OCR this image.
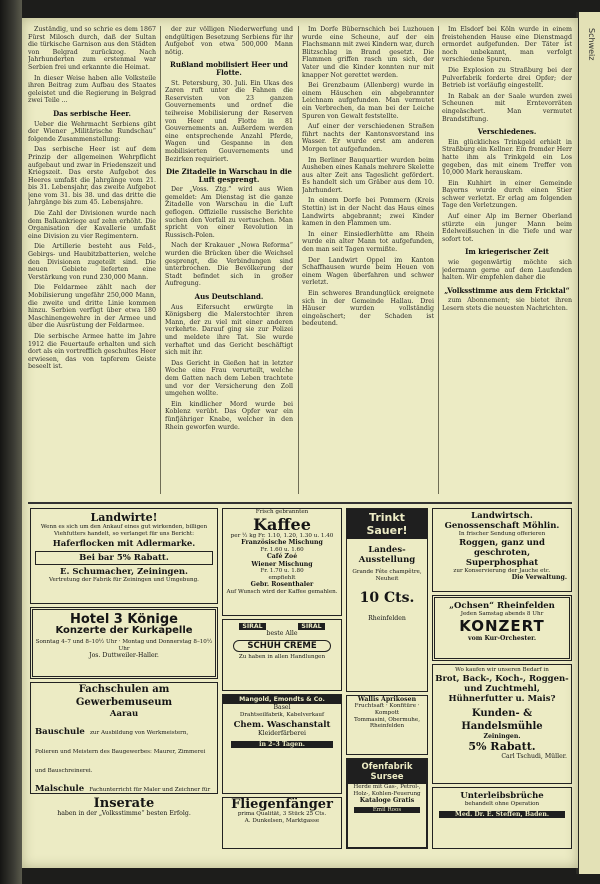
Schweiz

Zuständig, und so schrie es dem 1867 Fürst Milosch durch, daß der Sultan die türkische Garnison aus den Städten von Belgrad zurückzog. Nach Jahrhunderten zum erstenmal war Serbien frei und erkannte die Heimat.

In dieser Weise haben alle Volksteile ihren Beitrag zum Aufbau des Staates geleistet und die Regierung in Belgrad zwei Teile ...

Das serbische Heer.

Ueber die Wehrmacht Serbiens gibt der Wiener „Militärische Rundschau“ folgende Zusammenstellung:

Das serbische Heer ist auf dem Prinzip der allgemeinen Wehrpflicht aufgebaut und zwar in Friedenszeit und Kriegszeit. Das erste Aufgebot des Heeres umfaßt die Jahrgänge vom 21. bis 31. Lebensjahr, das zweite Aufgebot jene vom 31. bis 38. und das dritte die Jahrgänge bis zum 45. Lebensjahre.

Die Zahl der Divisionen wurde nach dem Balkankriege auf zehn erhöht. Die Organisation der Kavallerie umfaßt eine Division zu vier Regimentern.

Die Artillerie besteht aus Feld-, Gebirgs- und Haubitzbatterien, welche den Divisionen zugeteilt sind. Die neuen Gebiete lieferten eine Verstärkung von rund 230,000 Mann.

Die Feldarmee zählt nach der Mobilisierung ungefähr 250,000 Mann, die zweite und dritte Linie kommen hinzu. Serbien verfügt über etwa 180 Maschinengewehre in der Armee und über die Ausrüstung der Feldarmee.

Die serbische Armee hatte im Jahre 1912 die Feuertaufe erhalten und sich dort als ein vortrefflich geschultes Heer erwiesen, das von tapferem Geiste beseelt ist.

der zur völligen Niederwerfung und endgültigen Besetzung Serbiens für ihr Aufgebot von etwa 500,000 Mann nötig.

Rußland mobilisiert Heer und Flotte.

St. Petersburg, 30. Juli. Ein Ukas des Zaren ruft unter die Fahnen die Reservisten von 23 ganzen Gouvernements und ordnet die teilweise Mobilisierung der Reserven von Heer und Flotte in 81 Gouvernements an. Außerdem werden eine entsprechende Anzahl Pferde, Wagen und Gespanne in den mobilisierten Gouvernements und Bezirken requiriert.

Die Zitadelle in Warschau in die Luft gesprengt.

Der „Voss. Ztg.“ wird aus Wien gemeldet: Am Dienstag ist die ganze Zitadelle von Warschau in die Luft geflogen. Offizielle russische Berichte suchen den Vorfall zu vertuschen. Man spricht von einer Revolution in Russisch-Polen.

Nach der Krakauer „Nowa Reforma“ wurden die Brücken über die Weichsel gesprengt, die Verbindungen sind unterbrochen. Die Bevölkerung der Stadt befindet sich in großer Aufregung.

Aus Deutschland.

Aus Eifersucht erwürgte in Königsberg die Malerstochter ihren Mann, der zu viel mit einer anderen verkehrte. Darauf ging sie zur Polizei und meldete ihre Tat. Sie wurde verhaftet und das Gericht beschäftigt sich mit ihr.

Das Gericht in Gießen hat in letzter Woche eine Frau verurteilt, welche dem Gatten nach dem Leben trachtete und vor der Versicherung den Zoll umgehen wollte.

Ein kindlicher Mord wurde bei Koblenz verübt. Das Opfer war ein fünfjähriger Knabe, welcher in den Rhein geworfen wurde.

Im Dorfe Bübernschich bei Luzhouen wurde eine Scheune, auf der ein Flachsmann mit zwei Kindern war, durch Blitzschlag in Brand gesetzt. Die Flammen griffen rasch um sich, der Vater und die Kinder konnten nur mit knapper Not gerettet werden.

Bei Grenzbaum (Allenberg) wurde in einem Häuschen ein abgebrannter Leichnam aufgefunden. Man vermutet ein Verbrechen, da man bei der Leiche Spuren von Gewalt feststellte.

Auf einer der verschiedenen Straßen führt nachts der Kantonsvorstand ins Wasser. Er wurde erst am anderen Morgen tot aufgefunden.

Im Berliner Bauquartier wurden beim Ausheben eines Kanals mehrere Skelette aus alter Zeit ans Tageslicht gefördert. Es handelt sich um Gräber aus dem 10. Jahrhundert.

In einem Dorfe bei Pommern (Kreis Stettin) ist in der Nacht das Haus eines Landwirts abgebrannt; zwei Kinder kamen in den Flammen um.

In einer Einsiedlerhütte am Rhein wurde ein alter Mann tot aufgefunden, den man seit Tagen vermißte.

Der Landwirt Oppel im Kanton Schaffhausen wurde beim Heuen von einem Wagen überfahren und schwer verletzt.

Ein schweres Brandunglück ereignete sich in der Gemeinde Hallau. Drei Häuser wurden vollständig eingeäschert; der Schaden ist bedeutend.

Im Elsdorf bei Köln wurde in einem freistehenden Hause eine Dienstmagd ermordet aufgefunden. Der Täter ist noch unbekannt, man verfolgt verschiedene Spuren.

Die Explosion zu Straßburg bei der Pulverfabrik forderte drei Opfer; der Betrieb ist vorläufig eingestellt.

In Rabak an der Saale wurden zwei Scheunen mit Erntevorräten eingeäschert. Man vermutet Brandstiftung.

Verschiedenes.

Ein glückliches Trinkgeld erhielt in Straßburg ein Kellner. Ein fremder Herr hatte ihm als Trinkgeld ein Los gegeben, das mit einem Treffer von 10,000 Mark herauskam.

Ein Kuhhirt in einer Gemeinde Bayerns wurde durch einen Stier schwer verletzt. Er erlag am folgenden Tage den Verletzungen.

Auf einer Alp im Berner Oberland stürzte ein junger Mann beim Edelweißsuchen in die Tiefe und war sofort tot.

Im kriegerischer Zeit

wie gegenwärtig möchte sich jedermann gerne auf dem Laufenden halten. Wir empfehlen daher die

„Volksstimme aus dem Fricktal“

zum Abonnement; sie bietet ihren Lesern stets die neuesten Nachrichten.

Landwirte!
Wenn es sich um den Ankauf eines gut wirkenden, billigen Viehfutters handelt, so verlanget für uns Bericht:
Haferflocken mit Adlermarke.
Bei bar 5% Rabatt.
E. Schumacher, Zeiningen.
Vertretung der Fabrik für Zeiningen und Umgebung.
Hotel 3 Könige
Konzerte der Kurkapelle
Sonntag 4–7 und 8–10½ Uhr · Montag und Donnerstag 8–10½ Uhr
Jos. Duttweiler-Haller.
Fachschulen am Gewerbemuseum
Aarau
Bauschule zur Ausbildung von Werkmeistern, Polieren und Meistern des Baugewerbes: Maurer, Zimmerei und Bauschreinerei.
Malschule Fachunterricht für Maler und Zeichner für
Inserate
haben in der „Volksstimme“ besten Erfolg.
Frisch gebrannten
Kaffee
per ½ kg Fr. 1.10, 1.20, 1.30 u. 1.40
Französische Mischung
Fr. 1.60 u. 1.60
Café Zoé
Wiener Mischung
Fr. 1.70 u. 1.80
empfiehlt
Gebr. Rosenthaler
Auf Wunsch wird der Kaffee gemahlen.
SIRAL	SIRAL
beste Alle
SCHUH CREME
Zu haben in allen Handlungen
Mangold, Emondts & Co.
Basel
Drahtseilfabrik, Kabelverkauf
Chem. Waschanstalt
Kleiderfärberei
in 2–3 Tagen.
Fliegenfänger
prima Qualität, 3 Stück 25 Cts.
A. Dunkelsen, Marktgasse
Trinkt Sauer!
Landes-Ausstellung
Grande Fête champêtre, Neuheit
10 Cts.
Rheinfelden
Wallis Aprikosen
Fruchtsaft · Konfitüre · Kompott
Tommasini, Obermuhe, Rheinfelden
Ofenfabrik Sursee
Herde mit Gas-, Petrol-, Holz-, Kohlen-Feuerung
Kataloge Gratis
Emil Roos
Landwirtsch. Genossenschaft Möhlin.
In frischer Sendung offerieren
Roggen, ganz und geschroten,
Superphosphat
zur Konservierung der Jauche etc.
Die Verwaltung.
„Ochsen“ Rheinfelden
Jeden Samstag abends 8 Uhr
KONZERT
vom Kur-Orchester.
Wo kaufen wir unseren Bedarf in
Brot, Back-, Koch-, Roggen- und Zuchtmehl,
Hühnerfutter u. Mais?
Kunden- & Handelsmühle
Zeiningen.
5% Rabatt.
Carl Tschudi, Müller.
Unterleibsbrüche
behandelt ohne Operation
Med. Dr. E. Steffen, Baden.
